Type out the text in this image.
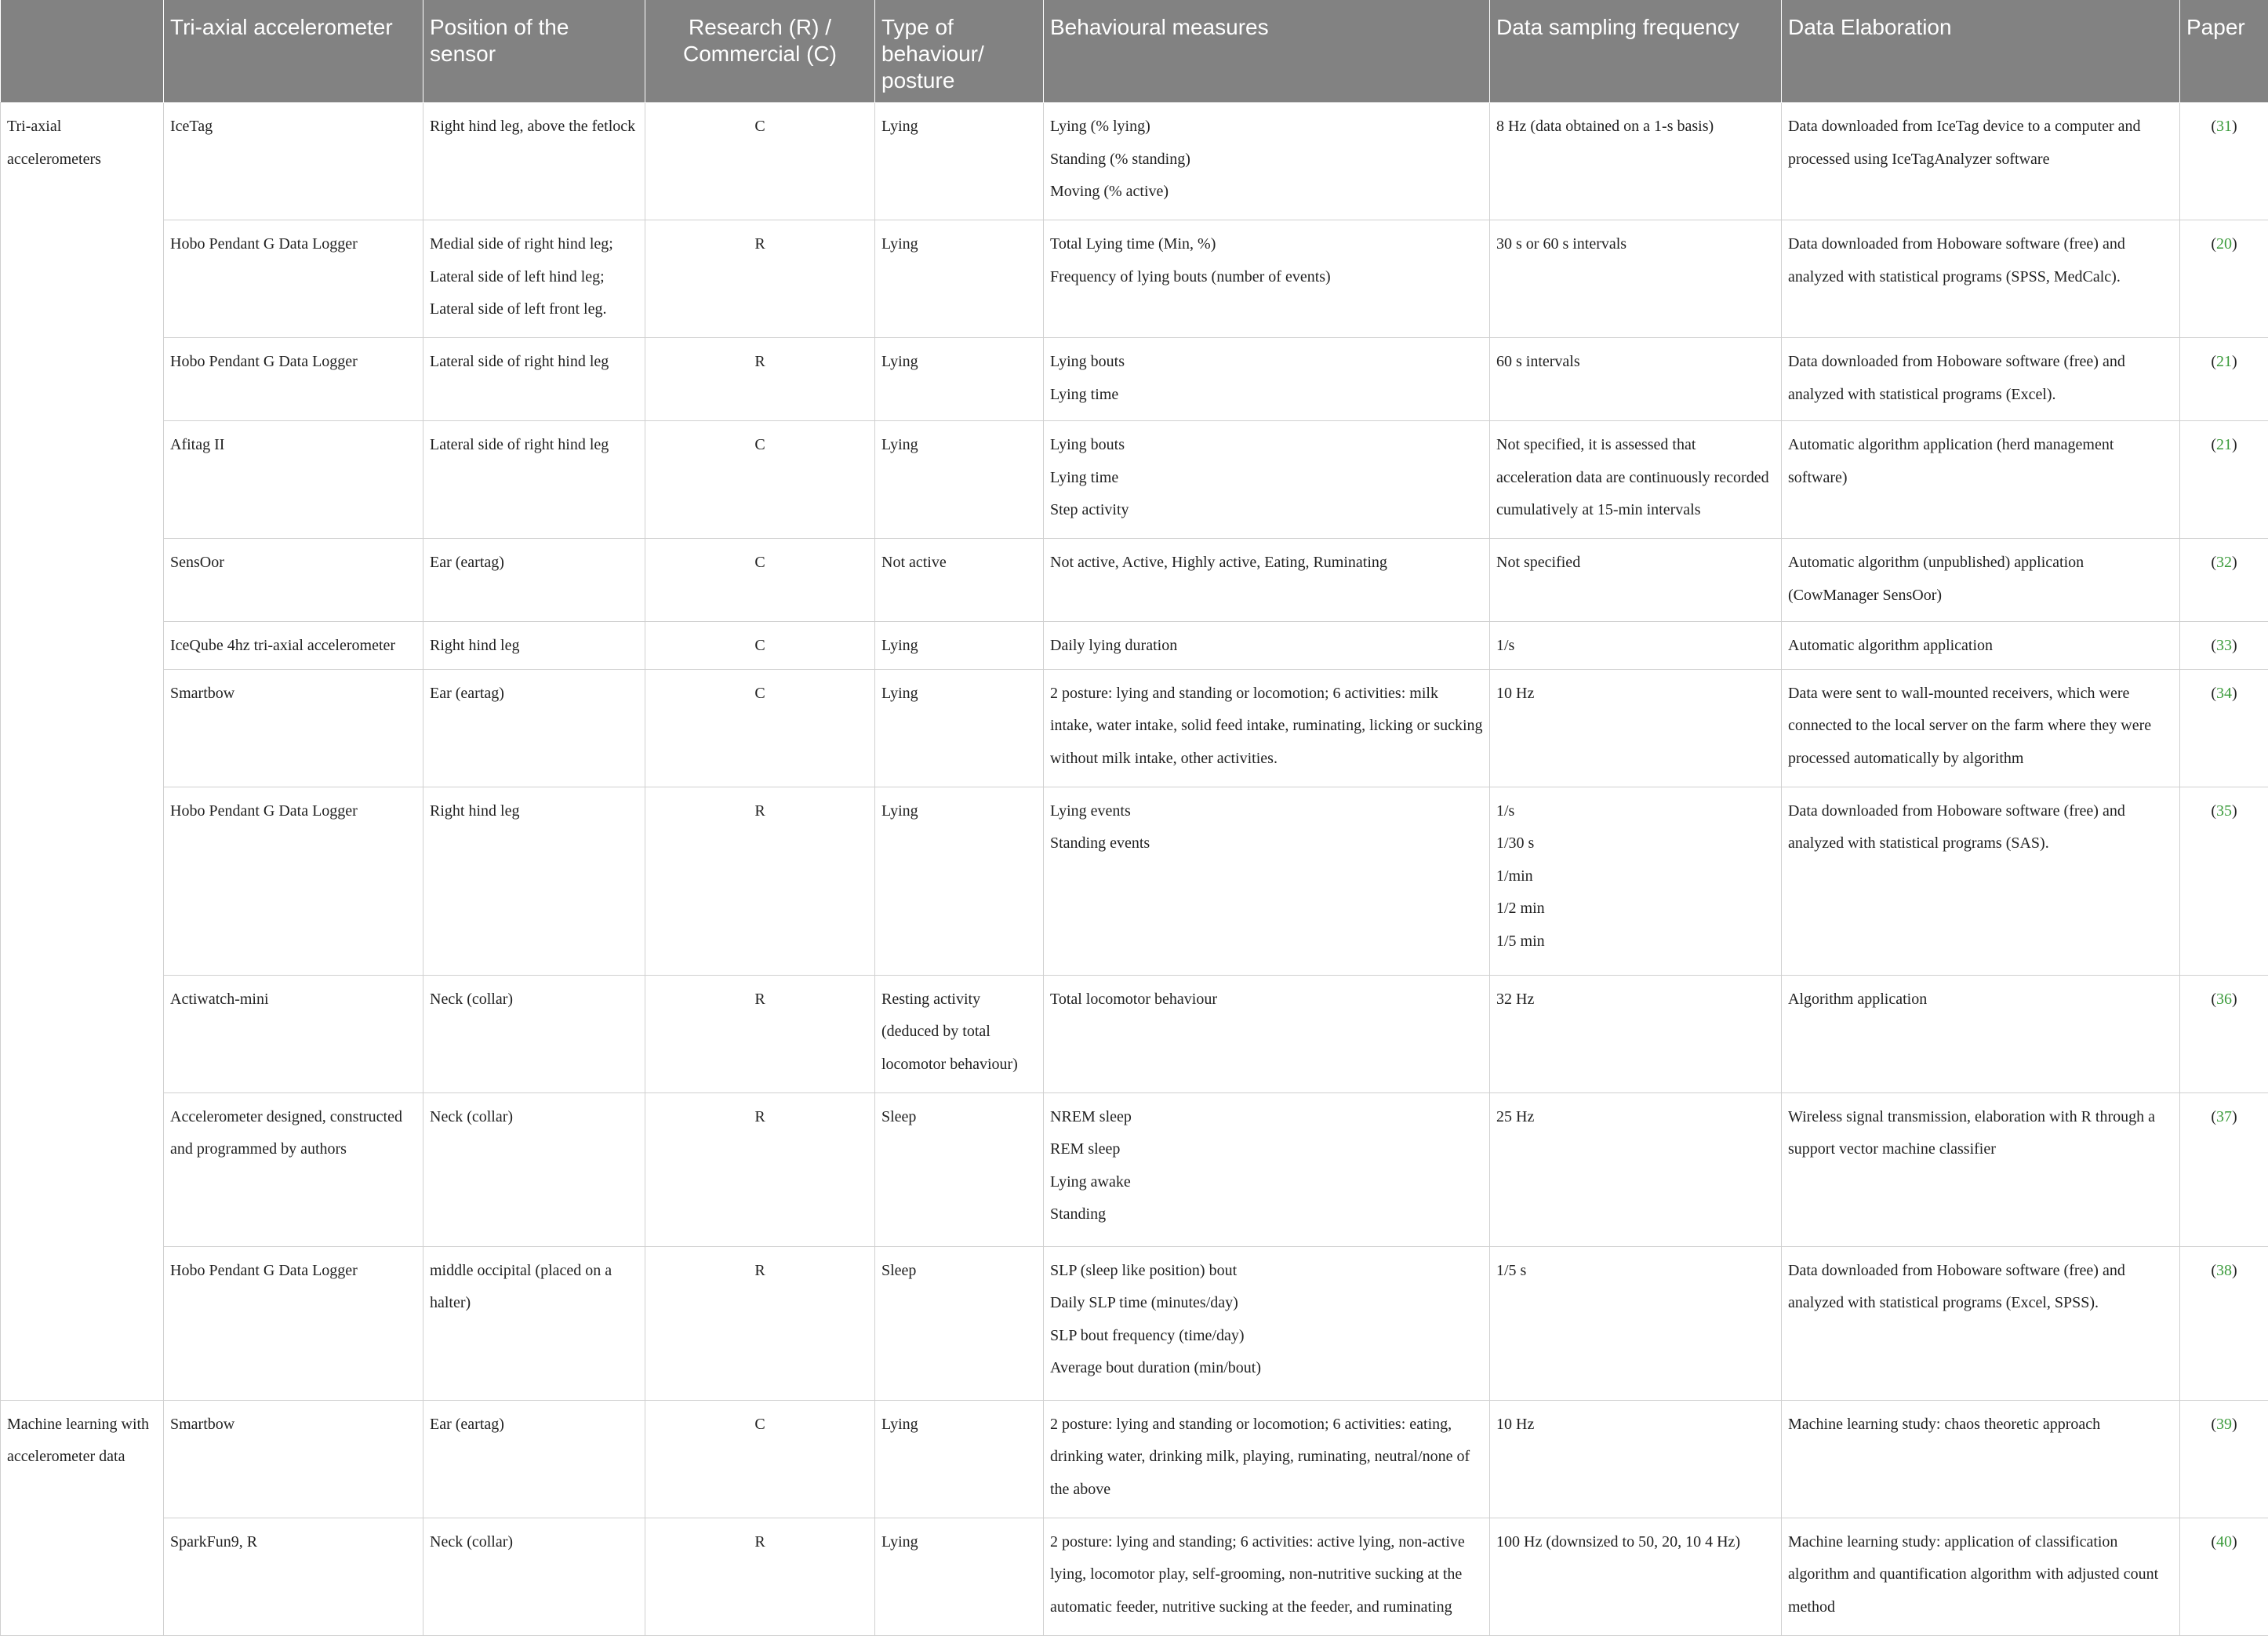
	Tri-axial accelerometer	Position of the sensor	Research (R) / Commercial (C)	Type of behaviour/ posture	Behavioural measures	Data sampling frequency	Data Elaboration	Paper
Tri-axial accelerometers	IceTag	Right hind leg, above the fetlock	C	Lying	Lying (% lying)
Standing (% standing)
Moving (% active)	8 Hz (data obtained on a 1-s basis)	Data downloaded from IceTag device to a computer and processed using IceTagAnalyzer software	(31)
	Hobo Pendant G Data Logger	Medial side of right hind leg; Lateral side of left hind leg; Lateral side of left front leg.	R	Lying	Total Lying time (Min, %)
Frequency of lying bouts (number of events)	30 s or 60 s intervals	Data downloaded from Hoboware software (free) and analyzed with statistical programs (SPSS, MedCalc).	(20)
	Hobo Pendant G Data Logger	Lateral side of right hind leg	R	Lying	Lying bouts
Lying time	60 s intervals	Data downloaded from Hoboware software (free) and analyzed with statistical programs (Excel).	(21)
	Afitag II	Lateral side of right hind leg	C	Lying	Lying bouts
Lying time
Step activity	Not specified, it is assessed that acceleration data are continuously recorded cumulatively at 15-min intervals	Automatic algorithm application (herd management software)	(21)
	SensOor	Ear (eartag)	C	Not active	Not active, Active, Highly active, Eating, Ruminating	Not specified	Automatic algorithm (unpublished) application (CowManager SensOor)	(32)
	IceQube 4hz tri-axial accelerometer	Right hind leg	C	Lying	Daily lying duration	1/s	Automatic algorithm application	(33)
	Smartbow	Ear (eartag)	C	Lying	2 posture: lying and standing or locomotion; 6 activities: milk intake, water intake, solid feed intake, ruminating, licking or sucking without milk intake, other activities.	10 Hz	Data were sent to wall-mounted receivers, which were connected to the local server on the farm where they were processed automatically by algorithm	(34)
	Hobo Pendant G Data Logger	Right hind leg	R	Lying	Lying events
Standing events	1/s
1/30 s
1/min
1/2 min
1/5 min	Data downloaded from Hoboware software (free) and analyzed with statistical programs (SAS).	(35)
	Actiwatch-mini	Neck (collar)	R	Resting activity (deduced by total locomotor behaviour)	Total locomotor behaviour	32 Hz	Algorithm application	(36)
	Accelerometer designed, constructed and programmed by authors	Neck (collar)	R	Sleep	NREM sleep
REM sleep
Lying awake
Standing	25 Hz	Wireless signal transmission, elaboration with R through a support vector machine classifier	(37)
	Hobo Pendant G Data Logger	middle occipital (placed on a halter)	R	Sleep	SLP (sleep like position) bout
Daily SLP time (minutes/day)
SLP bout frequency (time/day)
Average bout duration (min/bout)	1/5 s	Data downloaded from Hoboware software (free) and analyzed with statistical programs (Excel, SPSS).	(38)
Machine learning with accelerometer data	Smartbow	Ear (eartag)	C	Lying	2 posture: lying and standing or locomotion; 6 activities: eating, drinking water, drinking milk, playing, ruminating, neutral/none of the above	10 Hz	Machine learning study: chaos theoretic approach	(39)
	SparkFun9, R	Neck (collar)	R	Lying	2 posture: lying and standing; 6 activities: active lying, non-active lying, locomotor play, self-grooming, non-nutritive sucking at the automatic feeder, nutritive sucking at the feeder, and ruminating	100 Hz (downsized to 50, 20, 10 4 Hz)	Machine learning study: application of classification algorithm and quantification algorithm with adjusted count method	(40)
